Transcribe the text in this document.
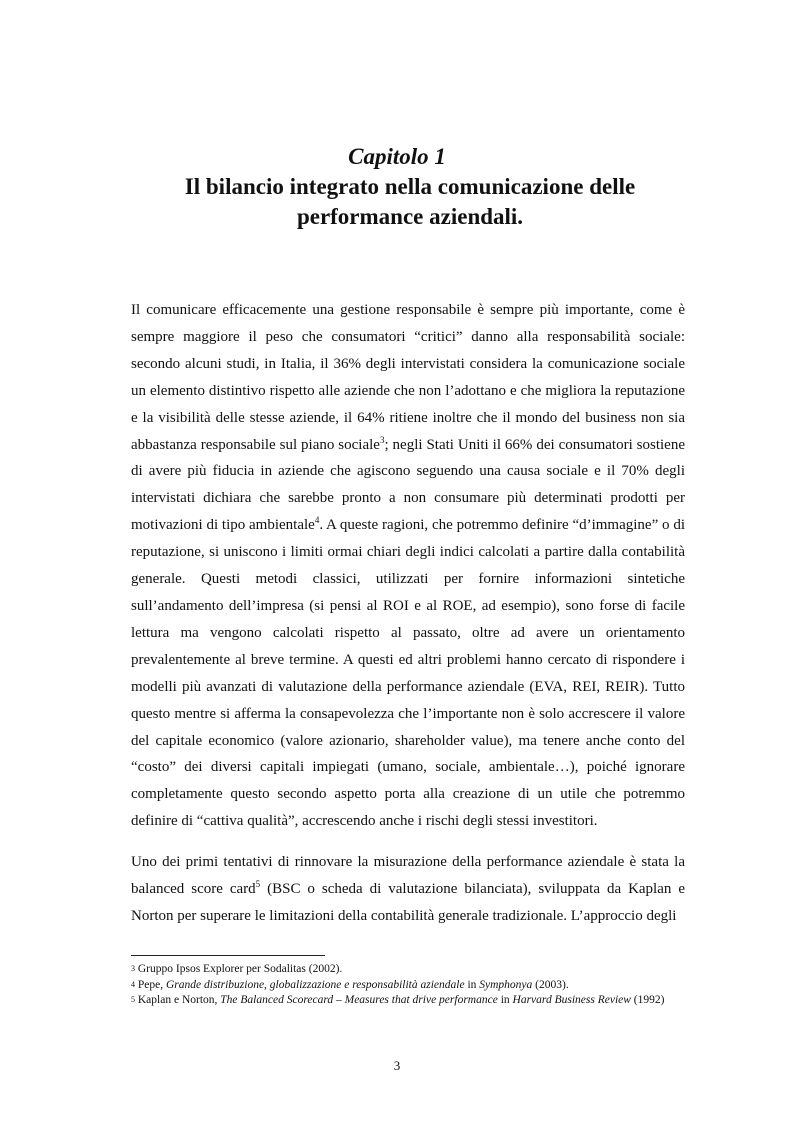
Capitolo 1
Il bilancio integrato nella comunicazione delle performance aziendali.

Il comunicare efficacemente una gestione responsabile è sempre più importante, come è sempre maggiore il peso che consumatori “critici” danno alla responsabilità sociale: secondo alcuni studi, in Italia, il 36% degli intervistati considera la comunicazione sociale un elemento distintivo rispetto alle aziende che non l’adottano e che migliora la reputazione e la visibilità delle stesse aziende, il 64% ritiene inoltre che il mondo del business non sia abbastanza responsabile sul piano sociale$^3$; negli Stati Uniti il 66% dei consumatori sostiene di avere più fiducia in aziende che agiscono seguendo una causa sociale e il 70% degli intervistati dichiara che sarebbe pronto a non consumare più determinati prodotti per motivazioni di tipo ambientale$^4$. A queste ragioni, che potremmo definire “d’immagine” o di reputazione, si uniscono i limiti ormai chiari degli indici calcolati a partire dalla contabilità generale. Questi metodi classici, utilizzati per fornire informazioni sintetiche sull’andamento dell’impresa (si pensi al ROI e al ROE, ad esempio), sono forse di facile lettura ma vengono calcolati rispetto al passato, oltre ad avere un orientamento prevalentemente al breve termine. A questi ed altri problemi hanno cercato di rispondere i modelli più avanzati di valutazione della performance aziendale (EVA, REI, REIR). Tutto questo mentre si afferma la consapevolezza che l’importante non è solo accrescere il valore del capitale economico (valore azionario, shareholder value), ma tenere anche conto del “costo” dei diversi capitali impiegati (umano, sociale, ambientale…), poiché ignorare completamente questo secondo aspetto porta alla creazione di un utile che potremmo definire di “cattiva qualità”, accrescendo anche i rischi degli stessi investitori.

Uno dei primi tentativi di rinnovare la misurazione della performance aziendale è stata la balanced score card$^5$ (BSC o scheda di valutazione bilanciata), sviluppata da Kaplan e Norton per superare le limitazioni della contabilità generale tradizionale. L’approccio degli

$^3$ Gruppo Ipsos Explorer per Sodalitas (2002).
$^4$ Pepe, Grande distribuzione, globalizzazione e responsabilità aziendale in Symphonya (2003).
$^5$ Kaplan e Norton, The Balanced Scorecard – Measures that drive performance in Harvard Business Review (1992)
3
